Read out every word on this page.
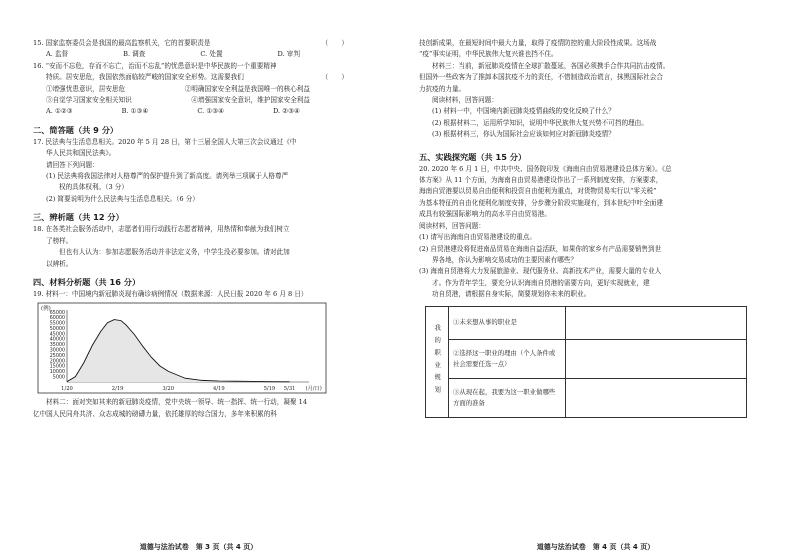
15. 国家监察委员会是我国的最高监察机关，它的首要职责是	（　　）
A. 监督	B. 调查	C. 处置	D. 审判
16. “安而不忘危，存而不忘亡，治而不忘乱”的忧患意识是中华民族的一个重要精神
特质。居安思危，我国依然面临较严峻的国家安全形势。这需要我们	（　　）
①增强忧患意识，居安思危	②明确国家安全利益是我国唯一的核心利益
③自觉学习国家安全相关知识	④增强国家安全意识，维护国家安全利益
A. ①②③	B. ①③④	C. ①③④	D. ②③④
二、简答题（共 9 分）
17. 民法典与生活息息相关。2020 年 5 月 28 日，第十三届全国人大第三次会议通过《中
华人民共和国民法典》。
请回答下列问题：
(1) 民法典将我国法律对人格尊严的保护提升到了新高度。请列举三项属于人格尊严
权的具体权利。（3 分）
(2) 简要说明为什么民法典与生活息息相关。（6 分）
三、辨析题（共 12 分）
18. 在各类社会服务活动中，志愿者们用行动践行志愿者精神，用热情和奉献为我们树立
了榜样。
但也有人认为：参加志愿服务活动并非法定义务，中学生没必要参加。请对此加
以辨析。
四、材料分析题（共 16 分）
19. 材料一：中国境内新冠肺炎现有确诊病例情况（数据来源：人民日报 2020 年 6 月 8 日）
(例)
65000
60000
55000
50000
45000
40000
35000
30000
25000
20000
15000
10000
5000
1/20	2/19	3/20	4/19	5/19 5/31 (月/日)
材料二：面对突如其来的新冠肺炎疫情，党中央统一领导、统一指挥、统一行动，凝聚 14
亿中国人民同舟共济、众志成城的磅礴力量，依托雄厚的综合国力，多年来积累的科
道德与法治试卷　第 3 页（共 4 页）
技创新成果，在最短时间中最大力量，取得了疫情防控的重大阶段性成果。这场战
“疫”事实证明，中华民族伟大复兴谁也挡不住。
材料三：当前，新冠肺炎疫情在全球扩散蔓延，各国必须携手合作共同抗击疫情。
但国外一些政客为了推卸本国抗疫不力的责任，不惜制造政治谎言，抹黑国际社会合
力抗疫的力量。
阅读材料，回答问题：
(1) 材料一中，中国境内新冠肺炎疫情曲线的变化反映了什么？
(2) 根据材料二，运用所学知识，说明中华民族伟大复兴势不可挡的理由。
(3) 根据材料三，你认为国际社会应该如何应对新冠肺炎疫情？
五、实践探究题（共 15 分）
20. 2020 年 6 月 1 日，中共中央、国务院印发《海南自由贸易港建设总体方案》。《总
体方案》从 11 个方面，为海南自由贸易港建设作出了一系列制度安排，方案要求，
海南自贸港要以贸易自由便利和投资自由便利为重点，对货物贸易实行以“零关税”
为基本特征的自由化便利化制度安排，分步骤分阶段实施现有，到本世纪中叶全面建
成具有较强国际影响力的高水平自由贸易港。
阅读材料，回答问题：
(1) 请写出海南自由贸易港建设的重点。
(2) 自贸港建设将促进南品贸易在海南自益活跃，如果你的家乡有产品需要销售到世
界各地，你认为影响交易成功的主要因素有哪些？
(3) 海南自贸港将大力发展旅游业、现代服务业、高新技术产业，需要大量的专业人
才。作为青年学生，要充分认识海南自贸港的需要方向，更好实现就业，建
功自贸港，请根据自身实际，简要规划你未来的职业。
我的职业规划	①未来想从事的职业是	
	②选择这一职业的理由（个人条件或社会需要任选一点）	
	③从现在起，我要为这一职业做哪些方面的准备	
道德与法治试卷　第 4 页（共 4 页）
